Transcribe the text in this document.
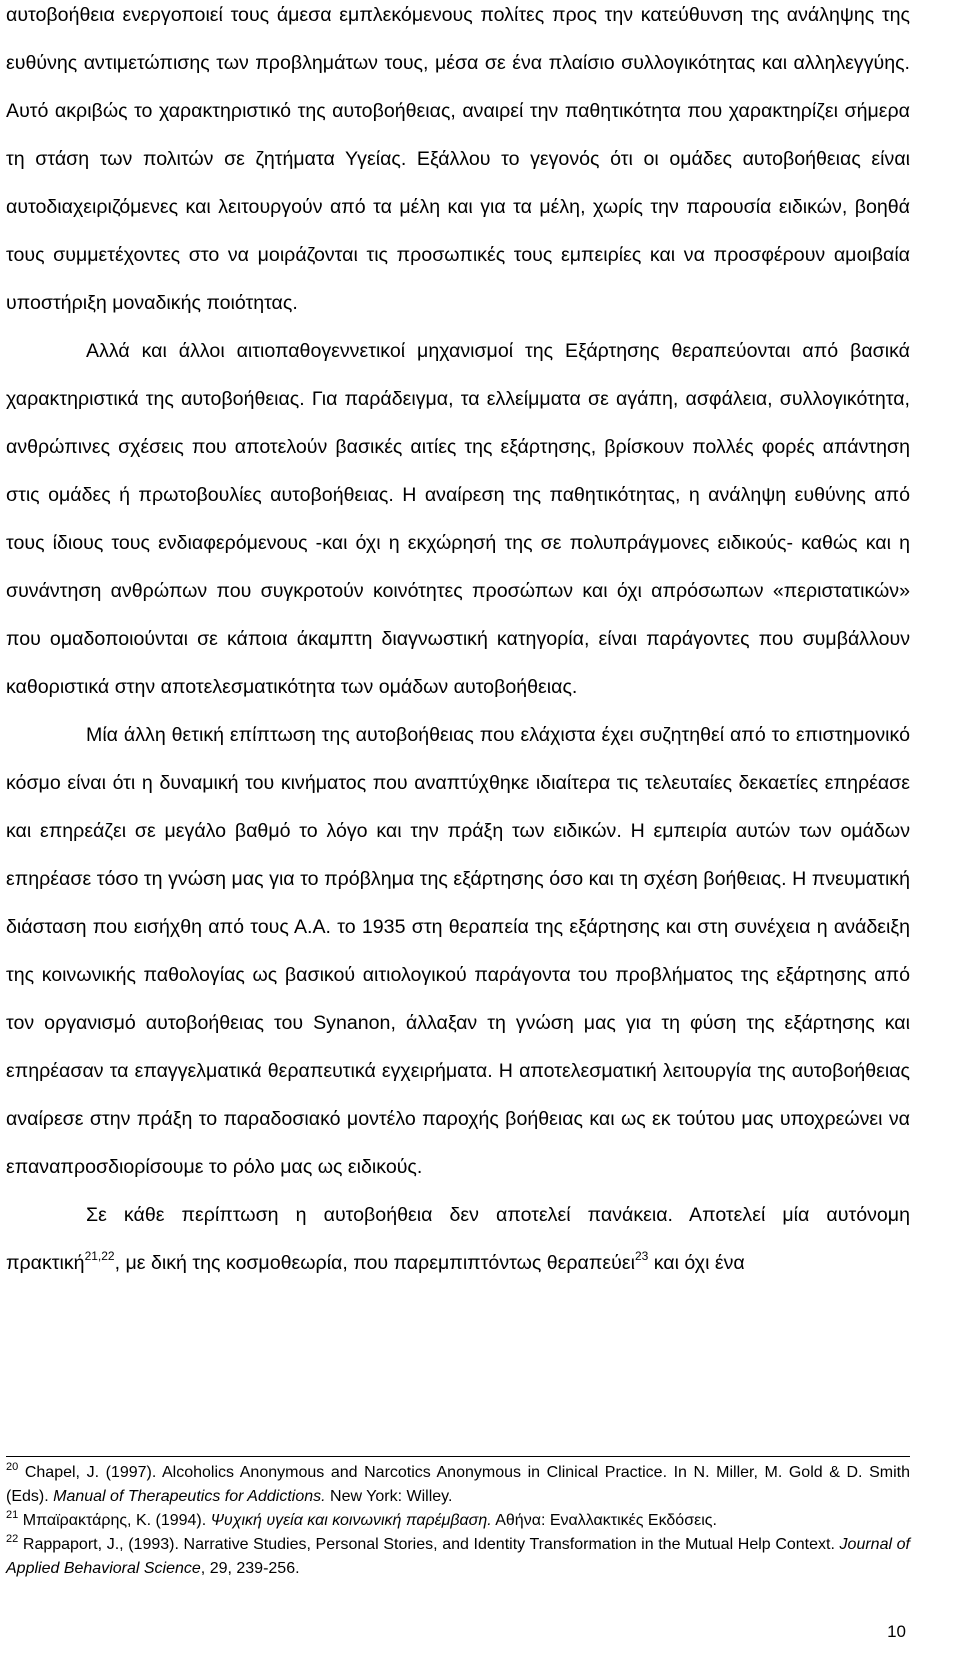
αυτοβοήθεια ενεργοποιεί τους άμεσα εμπλεκόμενους πολίτες προς την κατεύθυνση της ανάληψης της ευθύνης αντιμετώπισης των προβλημάτων τους, μέσα σε ένα πλαίσιο συλλογικότητας και αλληλεγγύης. Αυτό ακριβώς το χαρακτηριστικό της αυτοβοήθειας, αναιρεί την παθητικότητα που χαρακτηρίζει σήμερα τη στάση των πολιτών σε ζητήματα Υγείας. Εξάλλου το γεγονός ότι οι ομάδες αυτοβοήθειας είναι αυτοδιαχειριζόμενες και λειτουργούν από τα μέλη και για τα μέλη, χωρίς την παρουσία ειδικών, βοηθά τους συμμετέχοντες στο να μοιράζονται τις προσωπικές τους εμπειρίες και να προσφέρουν αμοιβαία υποστήριξη μοναδικής ποιότητας.

Αλλά και άλλοι αιτιοπαθογεννετικοί μηχανισμοί της Εξάρτησης θεραπεύονται από βασικά χαρακτηριστικά της αυτοβοήθειας. Για παράδειγμα, τα ελλείμματα σε αγάπη, ασφάλεια, συλλογικότητα, ανθρώπινες σχέσεις που αποτελούν βασικές αιτίες της εξάρτησης, βρίσκουν πολλές φορές απάντηση στις ομάδες ή πρωτοβουλίες αυτοβοήθειας. Η αναίρεση της παθητικότητας, η ανάληψη ευθύνης από τους ίδιους τους ενδιαφερόμενους -και όχι η εκχώρησή της σε πολυπράγμονες ειδικούς- καθώς και η συνάντηση ανθρώπων που συγκροτούν κοινότητες προσώπων και όχι απρόσωπων «περιστατικών» που ομαδοποιούνται σε κάποια άκαμπτη διαγνωστική κατηγορία, είναι παράγοντες που συμβάλλουν καθοριστικά στην αποτελεσματικότητα των ομάδων αυτοβοήθειας.

Μία άλλη θετική επίπτωση της αυτοβοήθειας που ελάχιστα έχει συζητηθεί από το επιστημονικό κόσμο είναι ότι η δυναμική του κινήματος που αναπτύχθηκε ιδιαίτερα τις τελευταίες δεκαετίες επηρέασε και επηρεάζει σε μεγάλο βαθμό το λόγο και την πράξη των ειδικών. Η εμπειρία αυτών των ομάδων επηρέασε τόσο τη γνώση μας για το πρόβλημα της εξάρτησης όσο και τη σχέση βοήθειας. Η πνευματική διάσταση που εισήχθη από τους Α.Α. το 1935 στη θεραπεία της εξάρτησης και στη συνέχεια η ανάδειξη της κοινωνικής παθολογίας ως βασικού αιτιολογικού παράγοντα του προβλήματος της εξάρτησης από τον οργανισμό αυτοβοήθειας του Synanon, άλλαξαν τη γνώση μας για τη φύση της εξάρτησης και επηρέασαν τα επαγγελματικά θεραπευτικά εγχειρήματα. Η αποτελεσματική λειτουργία της αυτοβοήθειας αναίρεσε στην πράξη το παραδοσιακό μοντέλο παροχής βοήθειας και ως εκ τούτου μας υποχρεώνει να επαναπροσδιορίσουμε το ρόλο μας ως ειδικούς.

Σε κάθε περίπτωση η αυτοβοήθεια δεν αποτελεί πανάκεια. Αποτελεί μία αυτόνομη πρακτική$^{21,22}$, με δική της κοσμοθεωρία, που παρεμπιπτόντως θεραπεύει$^{23}$ και όχι ένα

$^{20}$ Chapel, J. (1997). Alcoholics Anonymous and Narcotics Anonymous in Clinical Practice. In N. Miller, M. Gold & D. Smith (Eds). Manual of Therapeutics for Addictions. New York: Willey.

$^{21}$ Μπαϊρακτάρης, Κ. (1994). Ψυχική υγεία και κοινωνική παρέμβαση. Αθήνα: Εναλλακτικές Εκδόσεις.

$^{22}$ Rappaport, J., (1993). Narrative Studies, Personal Stories, and Identity Transformation in the Mutual Help Context. Journal of Applied Behavioral Science, 29, 239-256.

10
